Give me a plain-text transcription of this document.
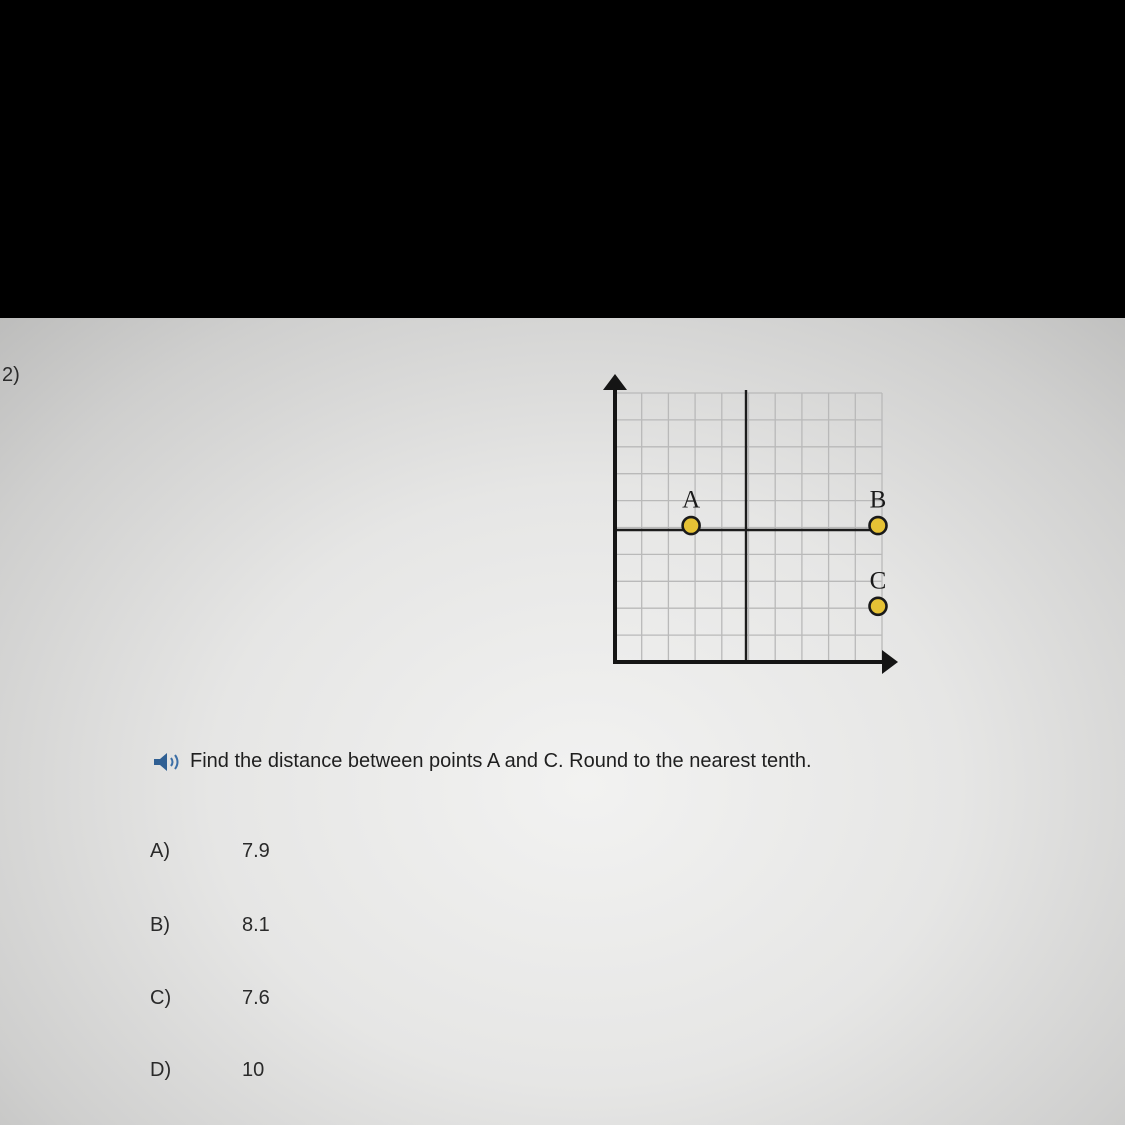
2)
A	B
C
Find the distance between points A and C. Round to the nearest tenth.
A)	7.9
B)	8.1
C)	7.6
D)	10
